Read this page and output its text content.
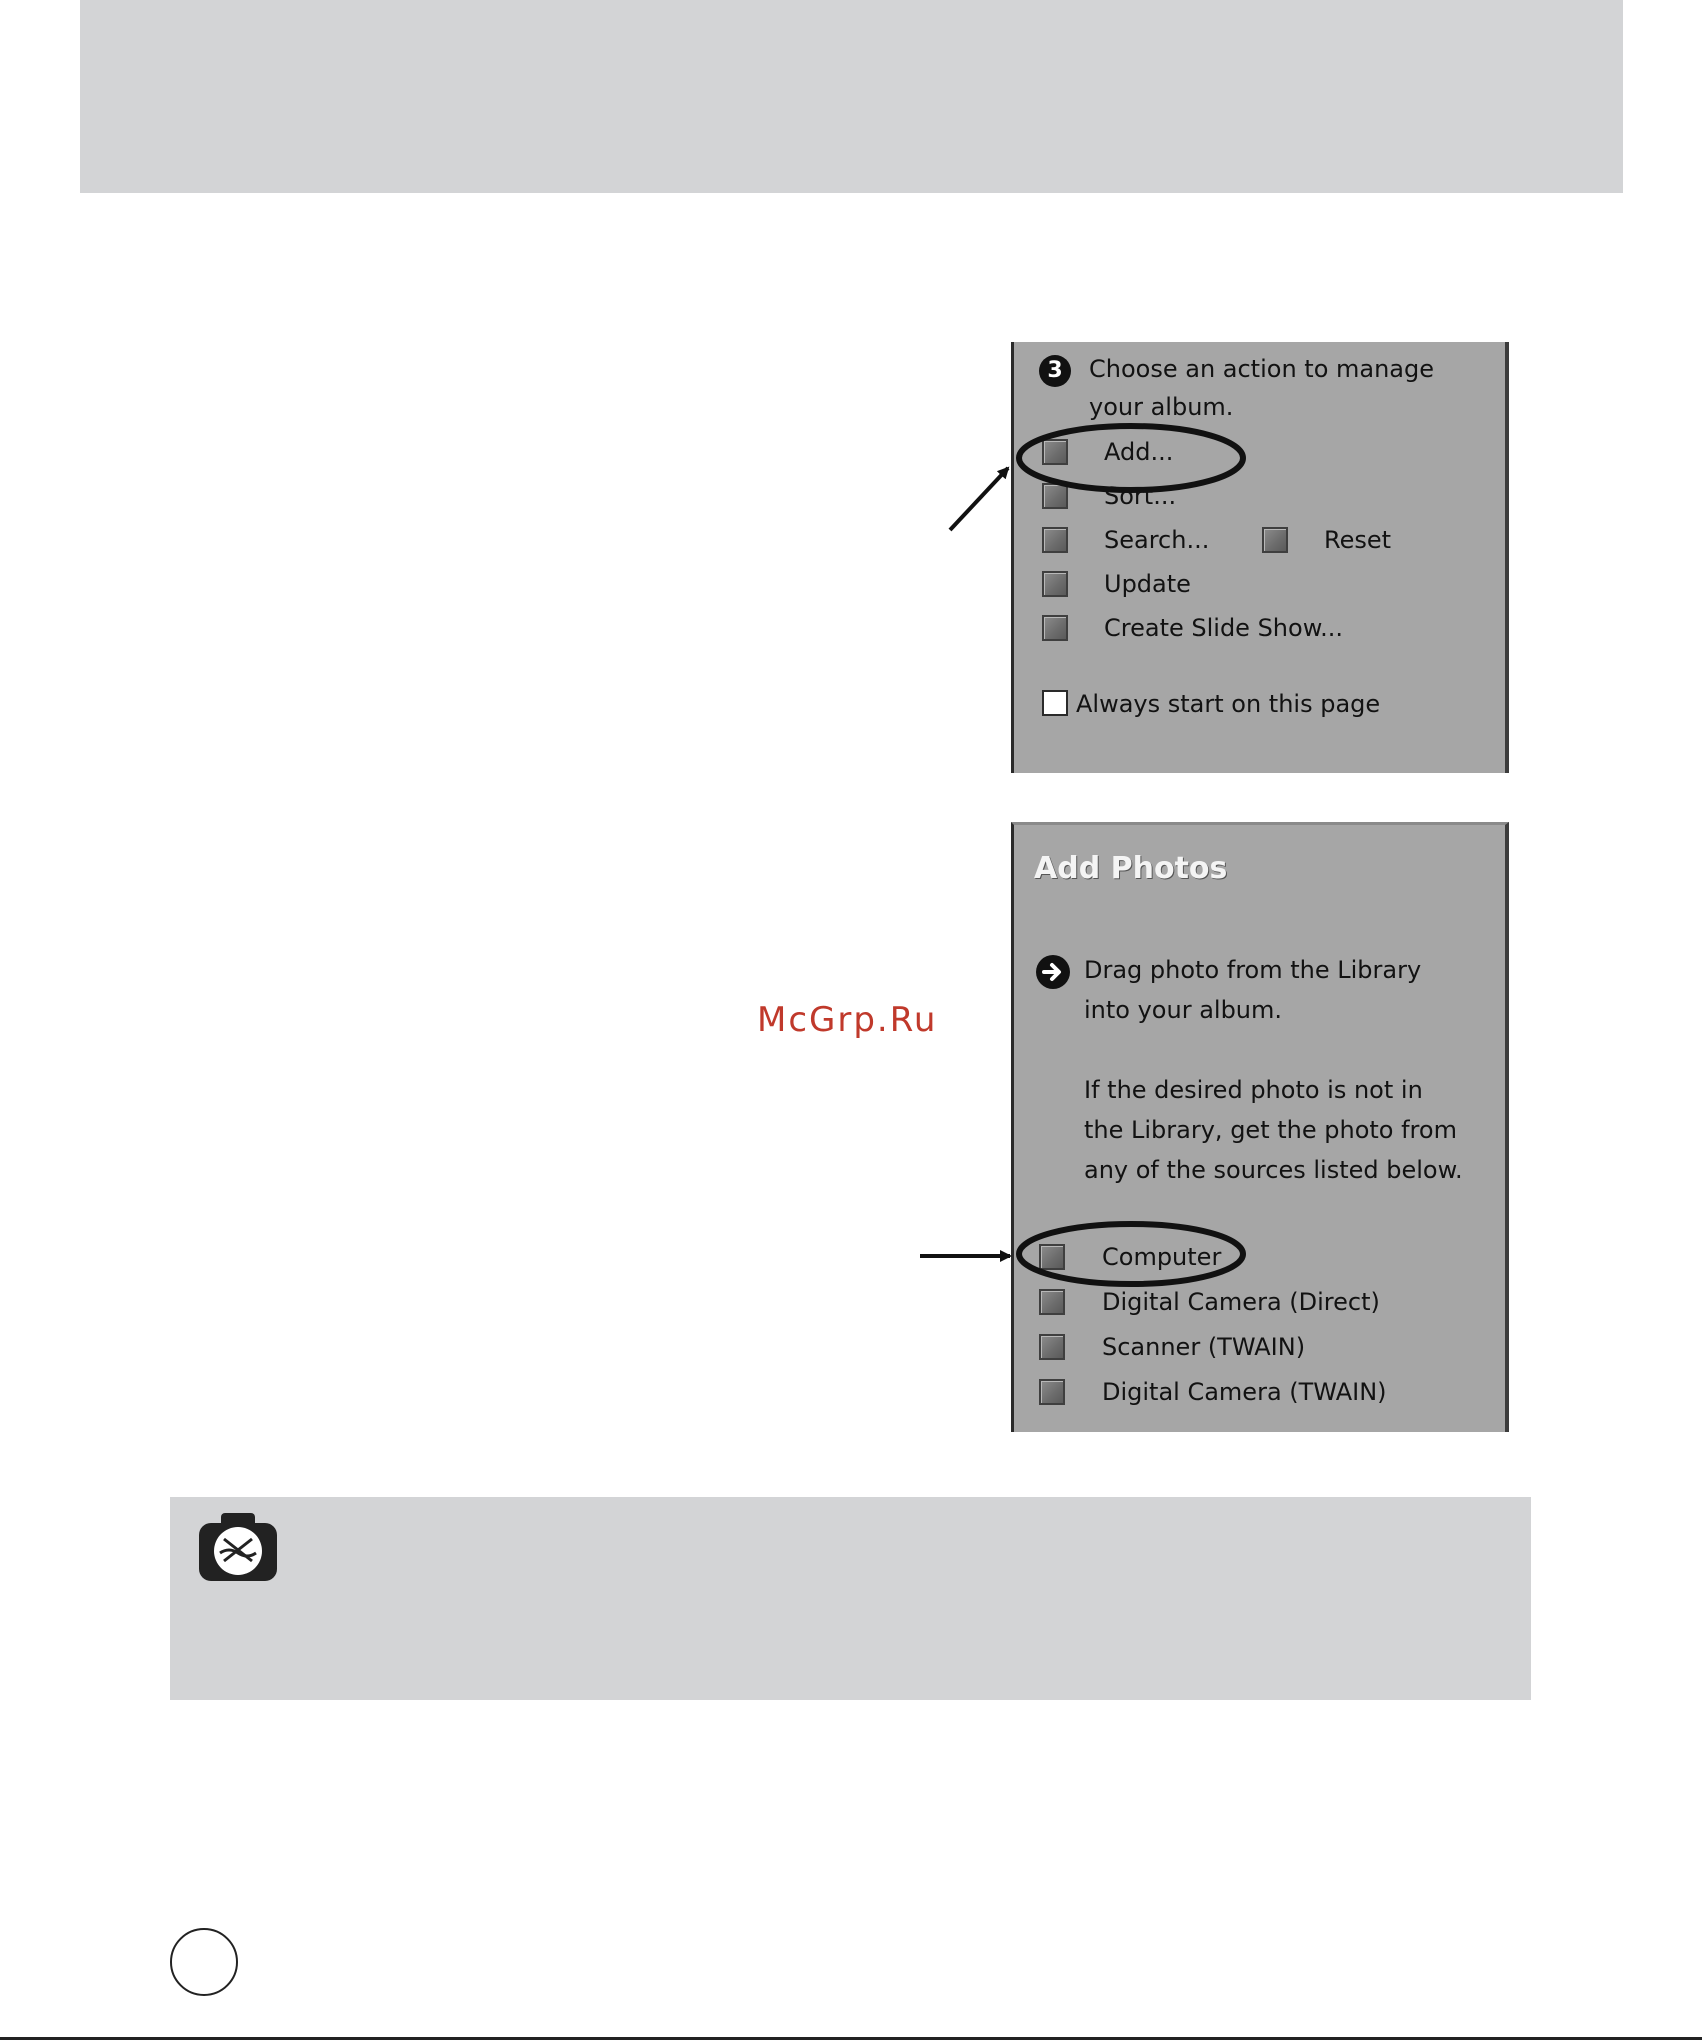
3	Choose an action to manage
your album.
Add...
Sort...
Search...	Reset
Update
Create Slide Show...
Always start on this page
Add Photos
Drag photo from the Library
into your album.
If the desired photo is not in
the Library, get the photo from
any of the sources listed below.
Computer
Digital Camera (Direct)
Scanner (TWAIN)
Digital Camera (TWAIN)
McGrp.Ru
